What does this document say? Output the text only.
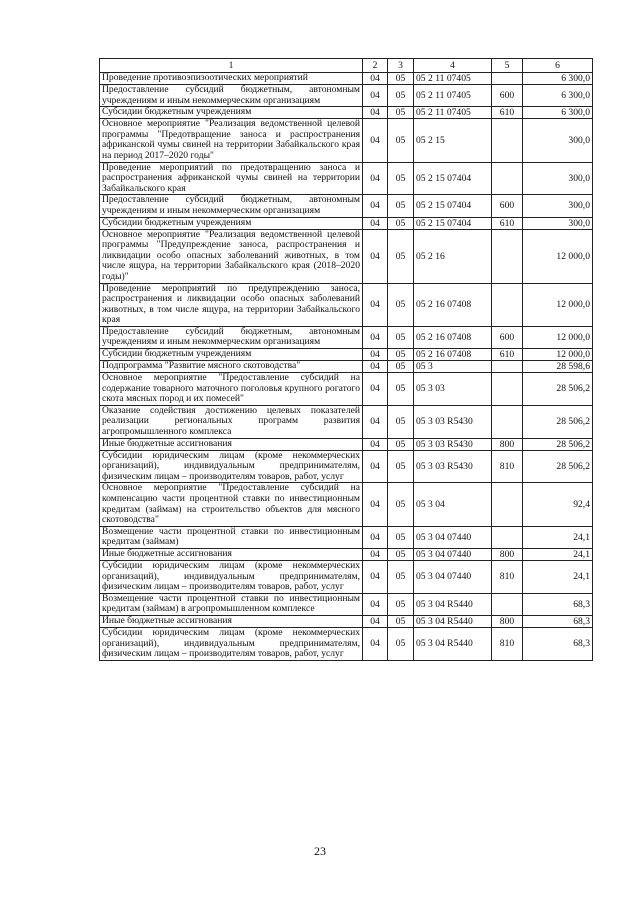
1	2	3	4	5	6
Проведение противоэпизоотических мероприятий	04	05	05 2 11 07405		6 300,0
Предоставление субсидий бюджетным, автономным учреждениям и иным некоммерческим организациям	04	05	05 2 11 07405	600	6 300,0
Субсидии бюджетным учреждениям	04	05	05 2 11 07405	610	6 300,0
Основное мероприятие "Реализация ведомственной целевой программы "Предотвращение заноса и распространения африканской чумы свиней на территории Забайкальского края на период 2017–2020 годы"	04	05	05 2 15		300,0
Проведение мероприятий по предотвращению заноса и распространения африканской чумы свиней на территории Забайкальского края	04	05	05 2 15 07404		300,0
Предоставление субсидий бюджетным, автономным учреждениям и иным некоммерческим организациям	04	05	05 2 15 07404	600	300,0
Субсидии бюджетным учреждениям	04	05	05 2 15 07404	610	300,0
Основное мероприятие "Реализация ведомственной целевой программы "Предупреждение заноса, распространения и ликвидации особо опасных заболеваний животных, в том числе ящура, на территории Забайкальского края (2018–2020 годы)"	04	05	05 2 16		12 000,0
Проведение мероприятий по предупреждению заноса, распространения и ликвидации особо опасных заболеваний животных, в том числе ящура, на территории Забайкальского края	04	05	05 2 16 07408		12 000,0
Предоставление субсидий бюджетным, автономным учреждениям и иным некоммерческим организациям	04	05	05 2 16 07408	600	12 000,0
Субсидии бюджетным учреждениям	04	05	05 2 16 07408	610	12 000,0
Подпрограмма "Развитие мясного скотоводства"	04	05	05 3		28 598,6
Основное мероприятие "Предоставление субсидий на содержание товарного маточного поголовья крупного рогатого скота мясных пород и их помесей"	04	05	05 3 03		28 506,2
Оказание содействия достижению целевых показателей реализации региональных программ развития агропромышленного комплекса	04	05	05 3 03 R5430		28 506,2
Иные бюджетные ассигнования	04	05	05 3 03 R5430	800	28 506,2
Субсидии юридическим лицам (кроме некоммерческих организаций), индивидуальным предпринимателям, физическим лицам – производителям товаров, работ, услуг	04	05	05 3 03 R5430	810	28 506,2
Основное мероприятие "Предоставление субсидий на компенсацию части процентной ставки по инвестиционным кредитам (займам) на строительство объектов для мясного скотоводства"	04	05	05 3 04		92,4
Возмещение части процентной ставки по инвестиционным кредитам (займам)	04	05	05 3 04 07440		24,1
Иные бюджетные ассигнования	04	05	05 3 04 07440	800	24,1
Субсидии юридическим лицам (кроме некоммерческих организаций), индивидуальным предпринимателям, физическим лицам – производителям товаров, работ, услуг	04	05	05 3 04 07440	810	24,1
Возмещение части процентной ставки по инвестиционным кредитам (займам) в агропромышленном комплексе	04	05	05 3 04 R5440		68,3
Иные бюджетные ассигнования	04	05	05 3 04 R5440	800	68,3
Субсидии юридическим лицам (кроме некоммерческих организаций), индивидуальным предпринимателям, физическим лицам – производителям товаров, работ, услуг	04	05	05 3 04 R5440	810	68,3
23
